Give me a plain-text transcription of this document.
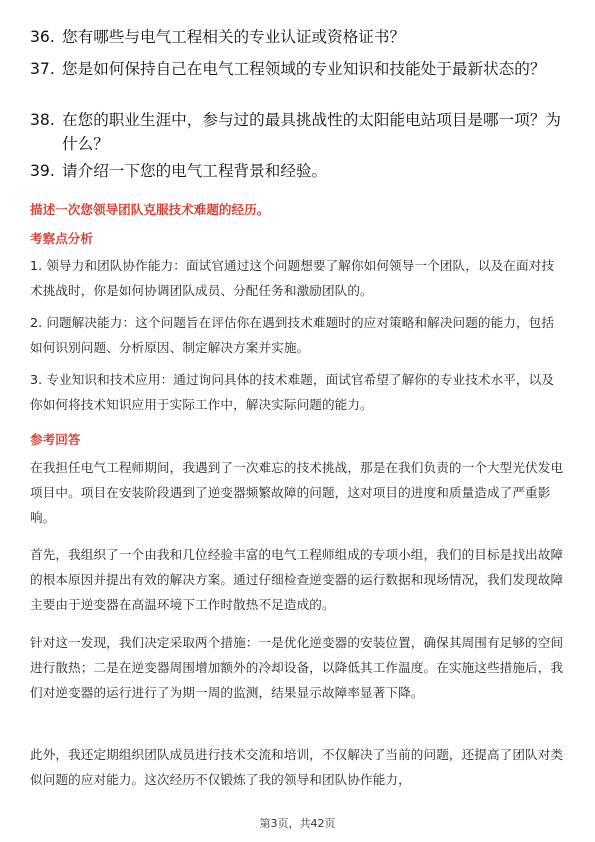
36. 您有哪些与电气工程相关的专业认证或资格证书？
37. 您是如何保持自己在电气工程领域的专业知识和技能处于最新状态的？
38. 在您的职业生涯中，参与过的最具挑战性的太阳能电站项目是哪一项？为什么？
39. 请介绍一下您的电气工程背景和经验。
描述一次您领导团队克服技术难题的经历。
考察点分析
1. 领导力和团队协作能力：面试官通过这个问题想要了解你如何领导一个团队，以及在面对技术挑战时，你是如何协调团队成员、分配任务和激励团队的。
2. 问题解决能力：这个问题旨在评估你在遇到技术难题时的应对策略和解决问题的能力，包括如何识别问题、分析原因、制定解决方案并实施。
3. 专业知识和技术应用：通过询问具体的技术难题，面试官希望了解你的专业技术水平，以及你如何将技术知识应用于实际工作中，解决实际问题的能力。
参考回答
在我担任电气工程师期间，我遇到了一次难忘的技术挑战，那是在我们负责的一个大型光伏发电项目中。项目在安装阶段遇到了逆变器频繁故障的问题，这对项目的进度和质量造成了严重影响。
首先，我组织了一个由我和几位经验丰富的电气工程师组成的专项小组，我们的目标是找出故障的根本原因并提出有效的解决方案。通过仔细检查逆变器的运行数据和现场情况，我们发现故障主要由于逆变器在高温环境下工作时散热不足造成的。
针对这一发现，我们决定采取两个措施：一是优化逆变器的安装位置，确保其周围有足够的空间进行散热；二是在逆变器周围增加额外的冷却设备，以降低其工作温度。在实施这些措施后，我们对逆变器的运行进行了为期一周的监测，结果显示故障率显著下降。
此外，我还定期组织团队成员进行技术交流和培训，不仅解决了当前的问题，还提高了团队对类似问题的应对能力。这次经历不仅锻炼了我的领导和团队协作能力，
第3页，共42页
